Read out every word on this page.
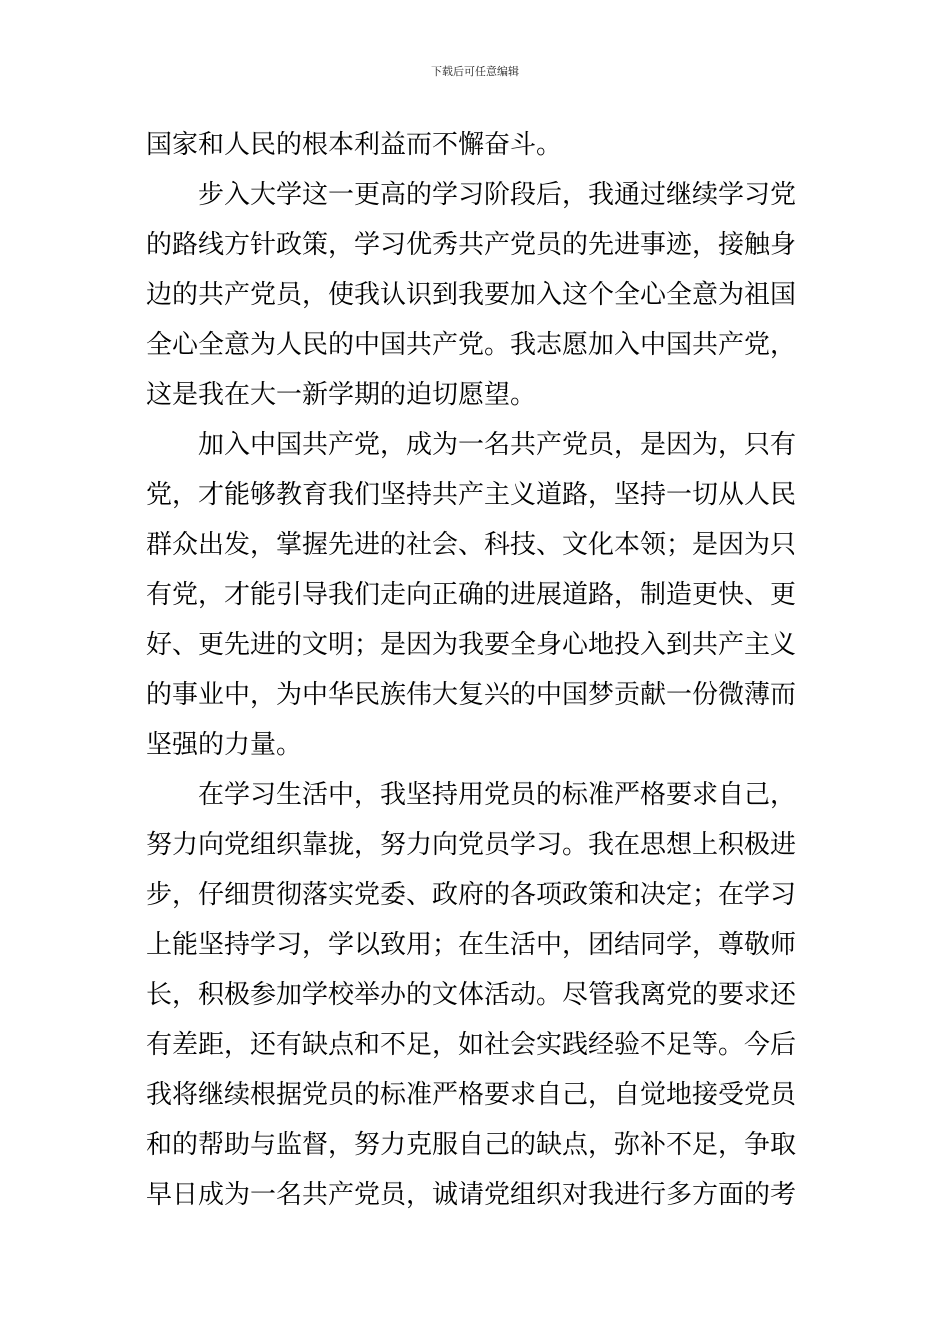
下载后可任意编辑
国家和人民的根本利益而不懈奋斗。
步入大学这一更高的学习阶段后，我通过继续学习党
的路线方针政策，学习优秀共产党员的先进事迹，接触身
边的共产党员，使我认识到我要加入这个全心全意为祖国
全心全意为人民的中国共产党。我志愿加入中国共产党，
这是我在大一新学期的迫切愿望。
加入中国共产党，成为一名共产党员，是因为，只有
党，才能够教育我们坚持共产主义道路，坚持一切从人民
群众出发，掌握先进的社会、科技、文化本领；是因为只
有党，才能引导我们走向正确的进展道路，制造更快、更
好、更先进的文明；是因为我要全身心地投入到共产主义
的事业中，为中华民族伟大复兴的中国梦贡献一份微薄而
坚强的力量。
在学习生活中，我坚持用党员的标准严格要求自己，
努力向党组织靠拢，努力向党员学习。我在思想上积极进
步，仔细贯彻落实党委、政府的各项政策和决定；在学习
上能坚持学习，学以致用；在生活中，团结同学，尊敬师
长，积极参加学校举办的文体活动。尽管我离党的要求还
有差距，还有缺点和不足，如社会实践经验不足等。今后
我将继续根据党员的标准严格要求自己，自觉地接受党员
和的帮助与监督，努力克服自己的缺点，弥补不足，争取
早日成为一名共产党员，诚请党组织对我进行多方面的考
